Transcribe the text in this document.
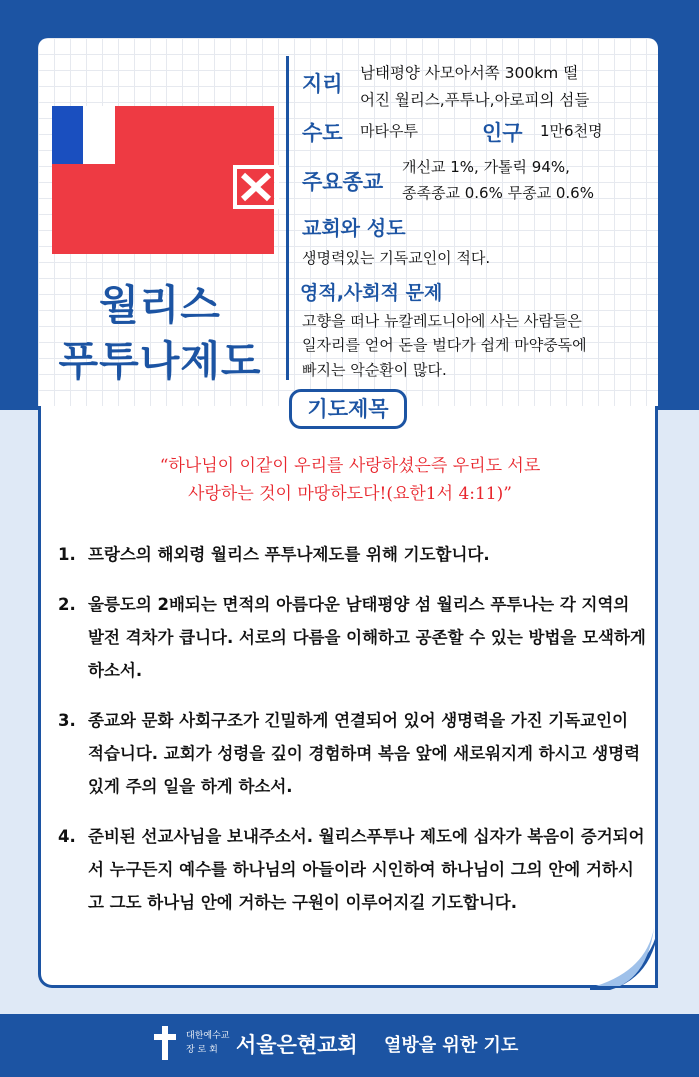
월리스
푸투나제도
지리 남태평양 사모아서쪽 300km 떨
어진 월리스,푸투나,아로피의 섬들
수도 마타우투	인구 1만6천명
주요종교
개신교 1%, 가톨릭 94%,
종족종교 0.6% 무종교 0.6%
교회와 성도
생명력있는 기독교인이 적다.
영적,사회적 문제
고향을 떠나 뉴칼레도니아에 사는 사람들은
일자리를 얻어 돈을 벌다가 쉽게 마약중독에
빠지는 악순환이 많다.
기도제목
“하나님이 이같이 우리를 사랑하셨은즉 우리도 서로
사랑하는 것이 마땅하도다!(요한1서 4:11)”
1. 프랑스의 해외령 월리스 푸투나제도를 위해 기도합니다.
2. 울릉도의 2배되는 면적의 아름다운 남태평양 섬 월리스 푸투나는 각 지역의 발전 격차가 큽니다. 서로의 다름을 이해하고 공존할 수 있는 방법을 모색하게 하소서.
3. 종교와 문화 사회구조가 긴밀하게 연결되어 있어 생명력을 가진 기독교인이 적습니다. 교회가 성령을 깊이 경험하며 복음 앞에 새로워지게 하시고 생명력있게 주의 일을 하게 하소서.
4. 준비된 선교사님을 보내주소서. 월리스푸투나 제도에 십자가 복음이 증거되어서 누구든지 예수를 하나님의 아들이라 시인하여 하나님이 그의 안에 거하시고 그도 하나님 안에 거하는 구원이 이루어지길 기도합니다.
대한예수교
장 로 회 서울은현교회 열방을 위한 기도
